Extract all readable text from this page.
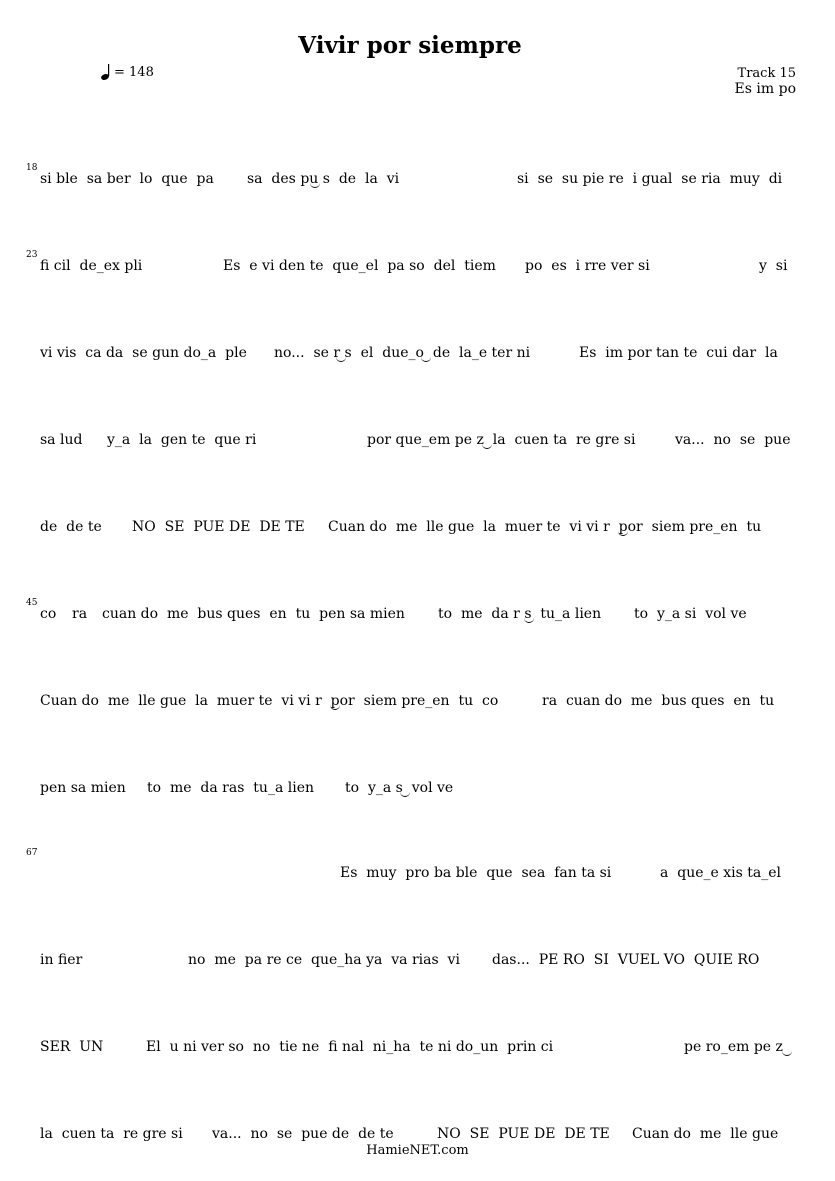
Vivir por siempre
= 148	Track 15
Es im po
18
si ble  sa ber  lo  que  pa sa  des pu s  de  la  vi	si  se  su pie re  i gual  se ria  muy  di
23
fi cil  de_ex pli	Es  e vi den te  que_el  pa so  del  tiem po  es  i rre ver si	y  si
vi vis  ca da  se gun do_a  ple no...  se r s  el  due_o  de  la_e ter ni	Es  im por tan te  cui dar  la
sa lud y_a  la  gen te  que ri	por que_em pe z  la  cuen ta  re gre si	va...  no  se  pue
de  de te NO  SE  PUE DE  DE TE Cuan do  me  lle gue  la  muer te  vi vi r  por  siem pre_en  tu
45
co ra cuan do  me  bus ques  en  tu  pen sa mien to  me  da r s  tu_a lien to  y_a si  vol ve
Cuan do  me  lle gue  la  muer te  vi vi r  por  siem pre_en  tu  co	ra  cuan do  me  bus ques  en  tu
pen sa mien to  me  da ras  tu_a lien to  y_a s  vol ve
67
Es  muy  pro ba ble  que  sea  fan ta si	a  que_e xis ta_el
in fier	no  me  pa re ce  que_ha ya  va rias  vi das...  PE RO  SI  VUEL VO  QUIE RO
SER  UN	El  u ni ver so  no  tie ne  fi nal  ni_ha  te ni do_un  prin ci	pe ro_em pe z
la  cuen ta  re gre si va...  no  se  pue de  de te	NO  SE  PUE DE  DE TE Cuan do  me  lle gue
HamieNET.com
